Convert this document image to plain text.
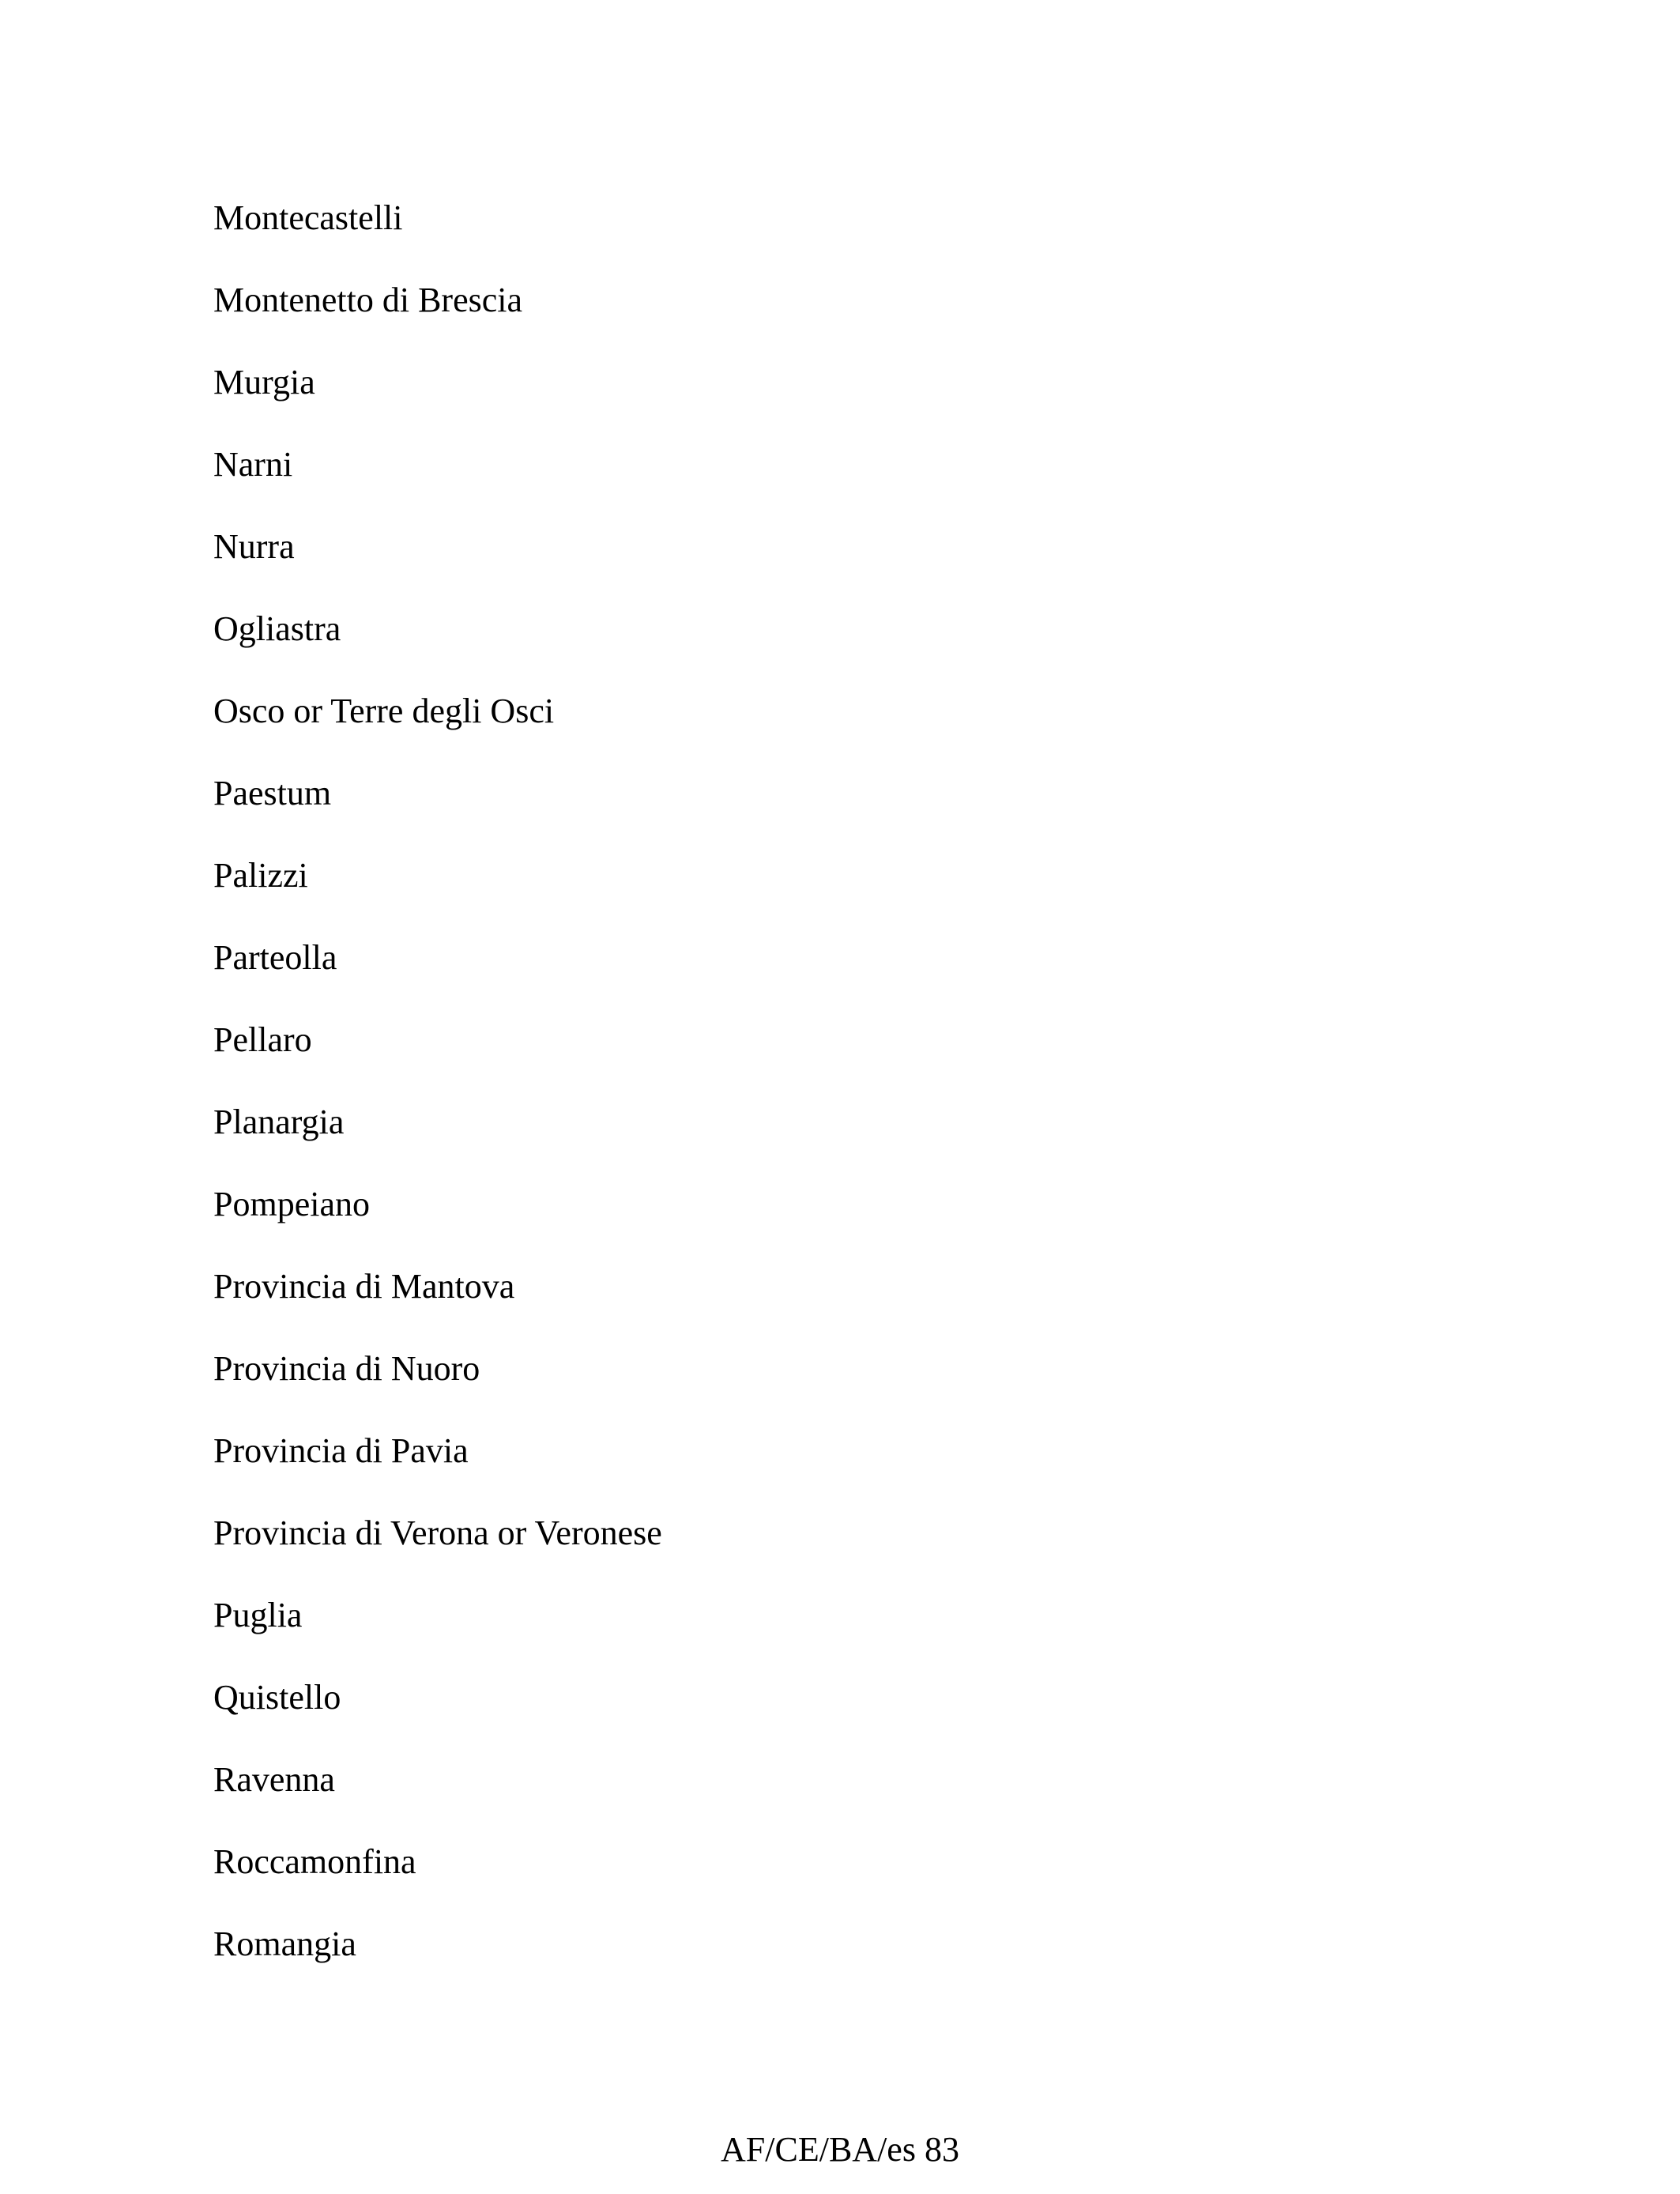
Montecastelli
Montenetto di Brescia
Murgia
Narni
Nurra
Ogliastra
Osco or Terre degli Osci
Paestum
Palizzi
Parteolla
Pellaro
Planargia
Pompeiano
Provincia di Mantova
Provincia di Nuoro
Provincia di Pavia
Provincia di Verona or Veronese
Puglia
Quistello
Ravenna
Roccamonfina
Romangia
AF/CE/BA/es 83
